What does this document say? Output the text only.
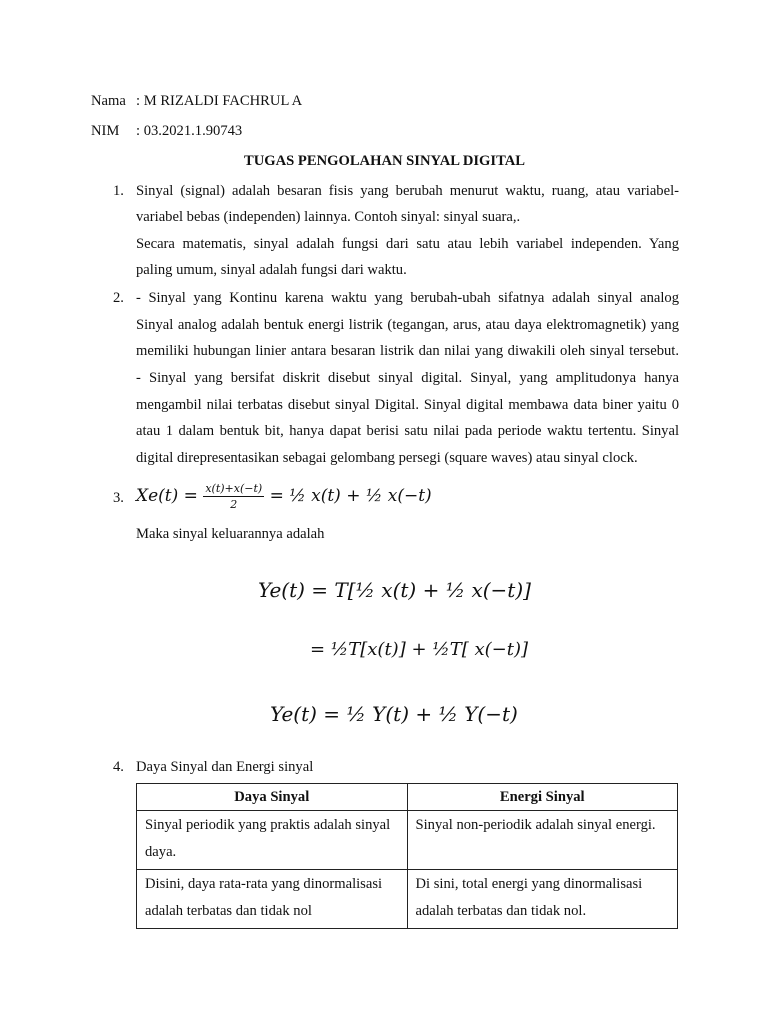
Nama : M RIZALDI FACHRUL A
NIM : 03.2021.1.90743
TUGAS PENGOLAHAN SINYAL DIGITAL
1. Sinyal (signal) adalah besaran fisis yang berubah menurut waktu, ruang, atau variabel-
variabel bebas (independen) lainnya. Contoh sinyal: sinyal suara,.
Secara matematis, sinyal adalah fungsi dari satu atau lebih variabel independen. Yang
paling umum, sinyal adalah fungsi dari waktu.
2. - Sinyal yang Kontinu karena waktu yang berubah-ubah sifatnya adalah sinyal analog
Sinyal analog adalah bentuk energi listrik (tegangan, arus, atau daya elektromagnetik) yang
memiliki hubungan linier antara besaran listrik dan nilai yang diwakili oleh sinyal tersebut.
- Sinyal yang bersifat diskrit disebut sinyal digital. Sinyal, yang amplitudonya hanya
mengambil nilai terbatas disebut sinyal Digital. Sinyal digital membawa data biner yaitu 0
atau 1 dalam bentuk bit, hanya dapat berisi satu nilai pada periode waktu tertentu. Sinyal
digital direpresentasikan sebagai gelombang persegi (square waves) atau sinyal clock.
3. $Xe(t) = \frac{x(t)+x(-t)}{2}$ = ½ x(t) + ½ x(−t)
Maka sinyal keluarannya adalah
Ye(t) = T[½ x(t) + ½ x(−t)]
= ½T[x(t)] + ½T[ x(−t)]
Ye(t) = ½ Y(t) + ½ Y(−t)
4. Daya Sinyal dan Energi sinyal
Daya Sinyal	Energi Sinyal
Sinyal periodik yang praktis adalah sinyal daya.	Sinyal non-periodik adalah sinyal energi.
Disini, daya rata-rata yang dinormalisasi adalah terbatas dan tidak nol	Di sini, total energi yang dinormalisasi adalah terbatas dan tidak nol.
